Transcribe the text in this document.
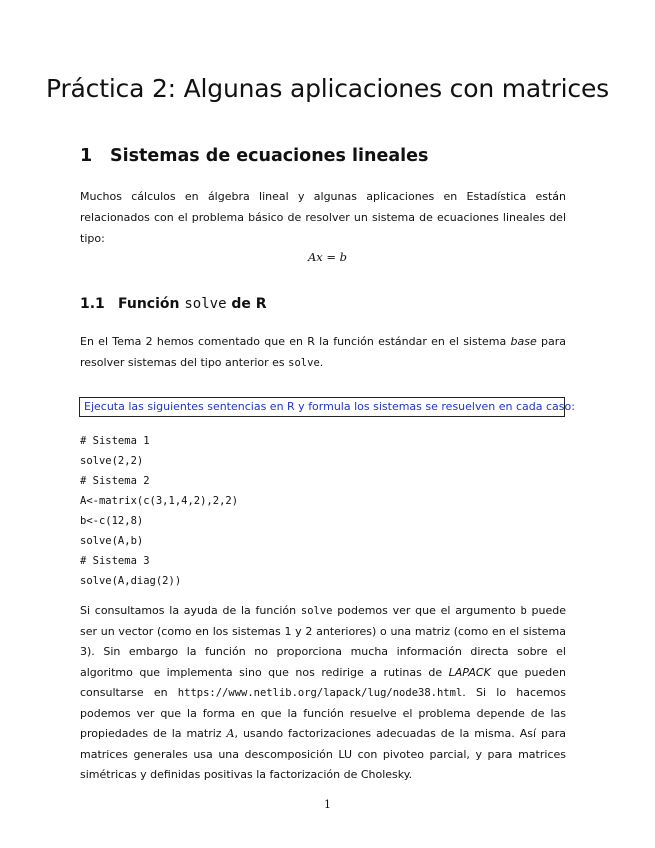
Práctica 2: Algunas aplicaciones con matrices
1 Sistemas de ecuaciones lineales

Muchos cálculos en álgebra lineal y algunas aplicaciones en Estadística están relacionados con el problema básico de resolver un sistema de ecuaciones lineales del tipo:

Ax = b
1.1 Función solve de R

En el Tema 2 hemos comentado que en R la función estándar en el sistema base para resolver sistemas del tipo anterior es solve.

Ejecuta las siguientes sentencias en R y formula los sistemas se resuelven en cada caso:
# Sistema 1
solve(2,2)
# Sistema 2
A<-matrix(c(3,1,4,2),2,2)
b<-c(12,8)
solve(A,b)
# Sistema 3
solve(A,diag(2))

Si consultamos la ayuda de la función solve podemos ver que el argumento b puede ser un vector (como en los sistemas 1 y 2 anteriores) o una matriz (como en el sistema 3). Sin embargo la función no proporciona mucha información directa sobre el algoritmo que implementa sino que nos redirige a rutinas de LAPACK que pueden consultarse en https://www.netlib.org/lapack/lug/node38.html. Si lo hacemos podemos ver que la forma en que la función resuelve el problema depende de las propiedades de la matriz A, usando factorizaciones adecuadas de la misma. Así para matrices generales usa una descomposición LU con pivoteo parcial, y para matrices simétricas y definidas positivas la factorización de Cholesky.

1
